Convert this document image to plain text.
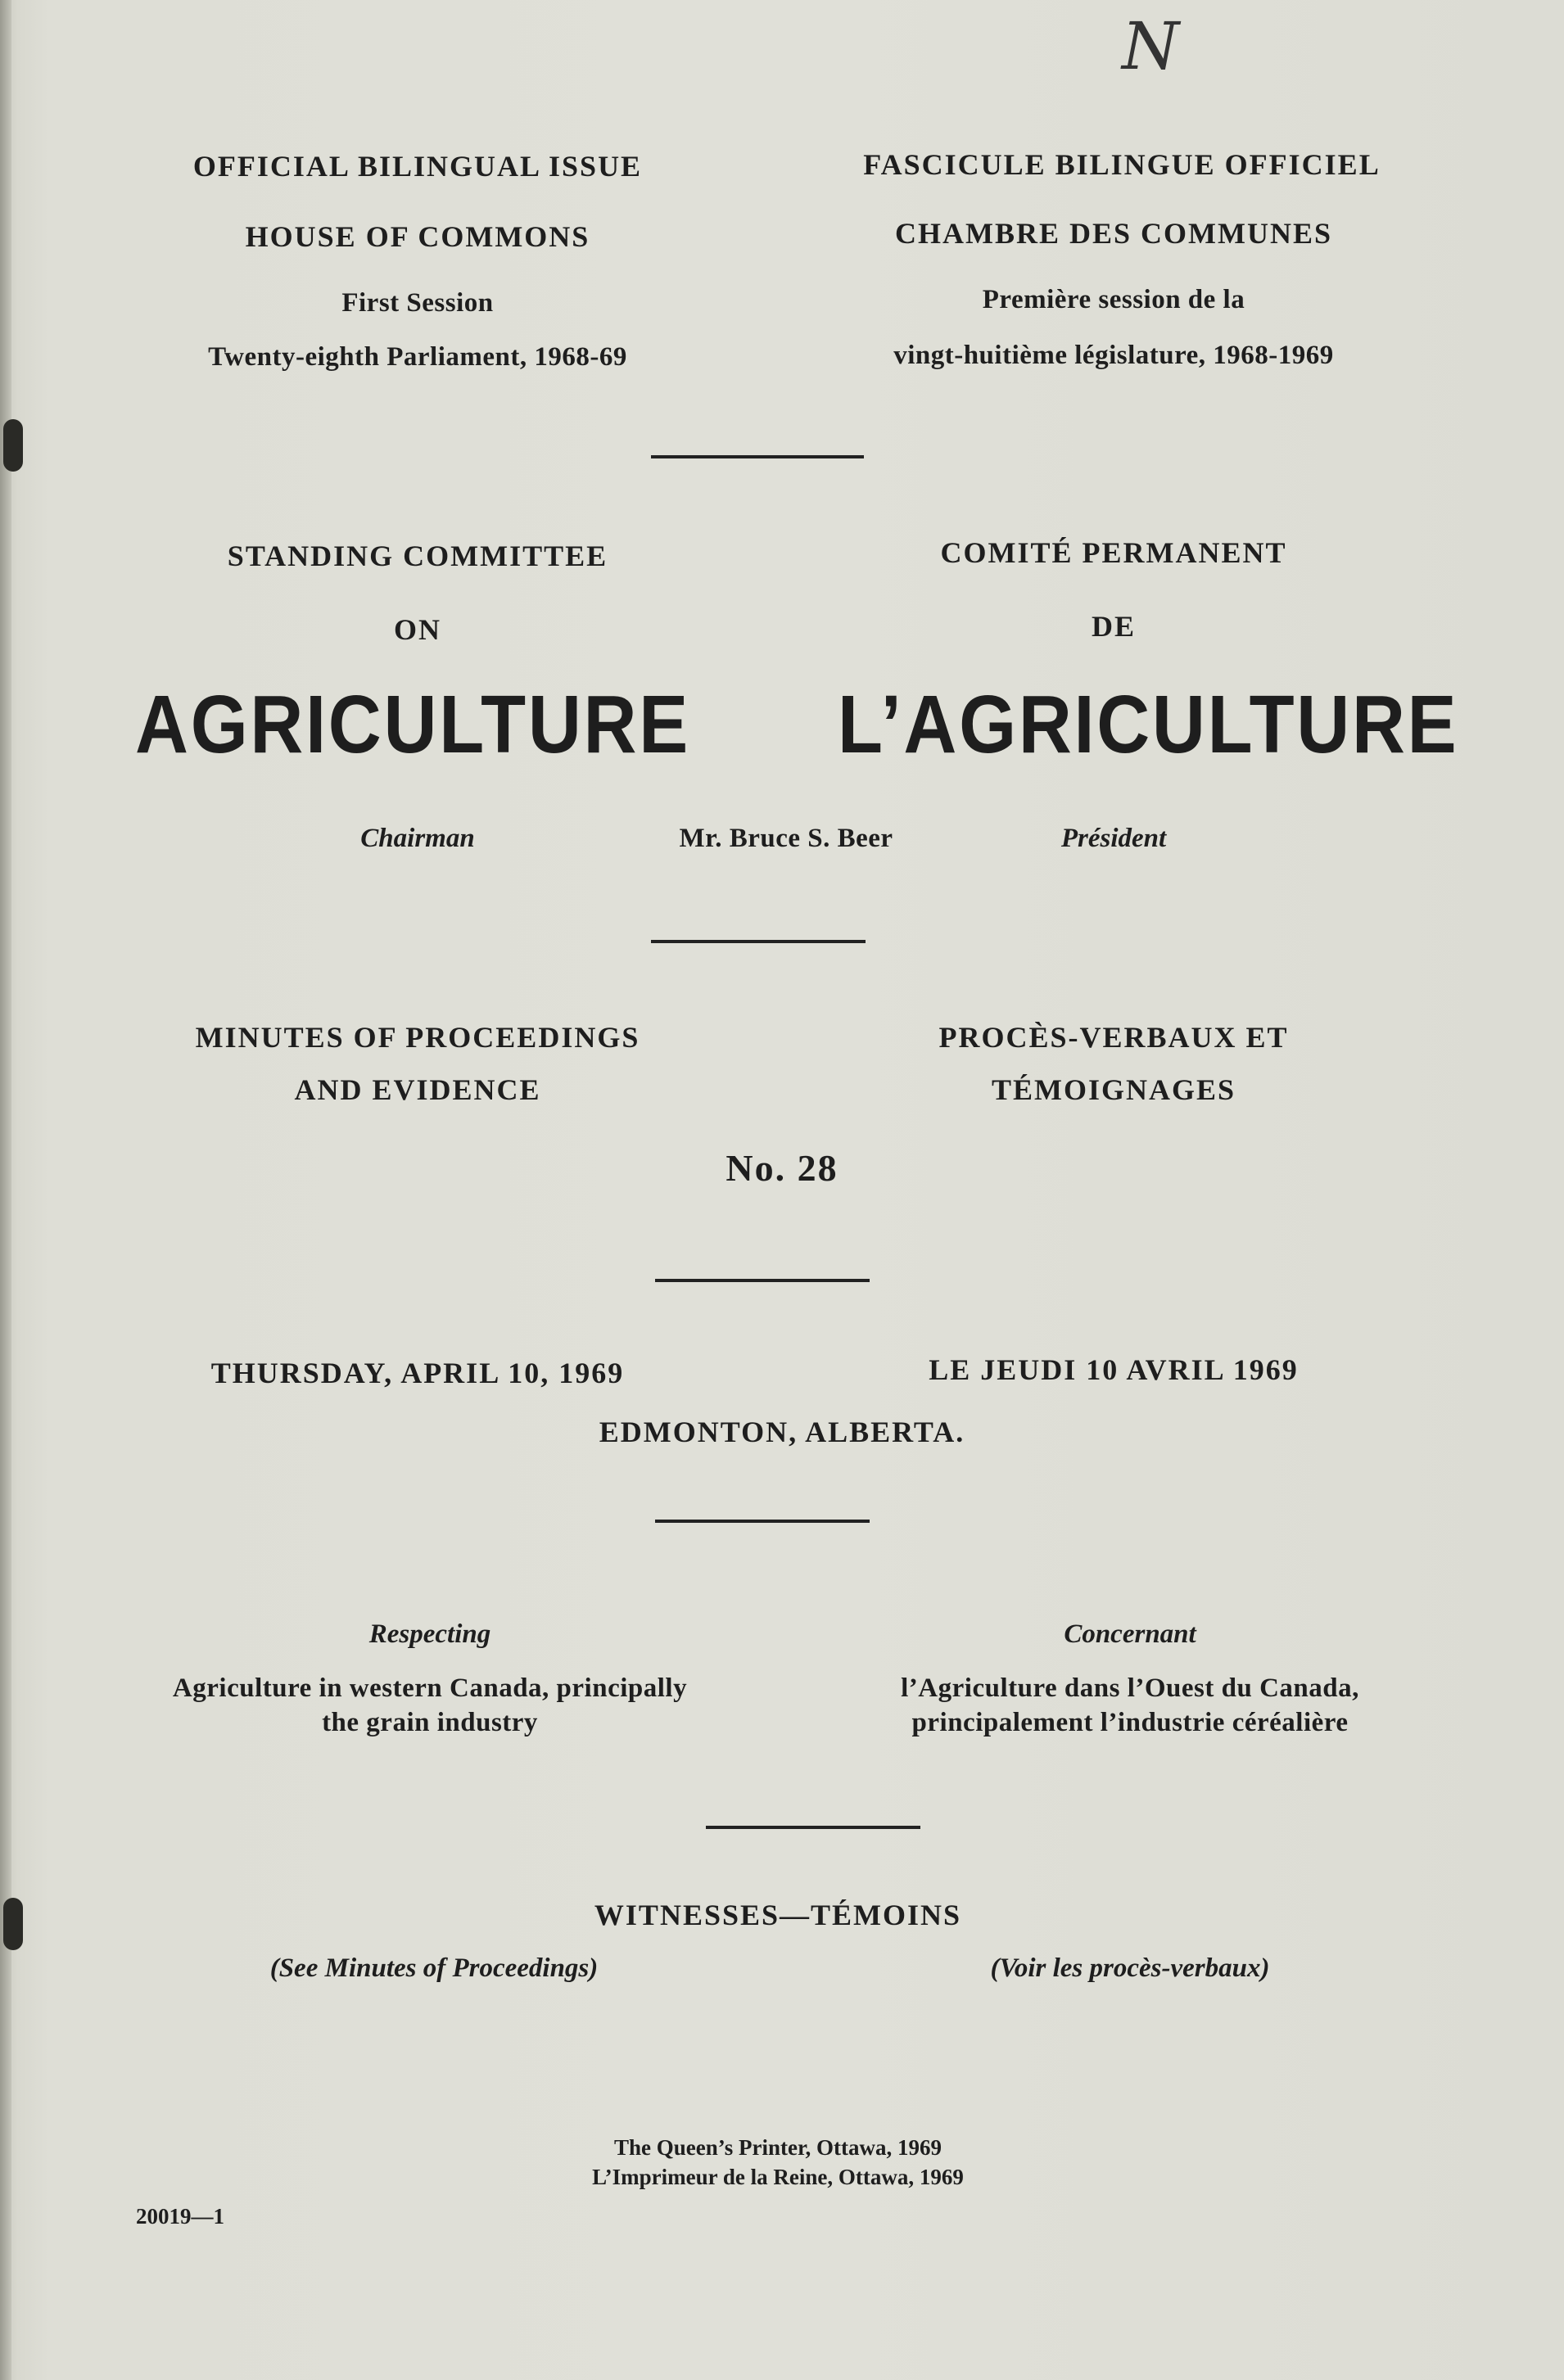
N
OFFICIAL BILINGUAL ISSUE
HOUSE OF COMMONS
First Session
Twenty-eighth Parliament, 1968-69
FASCICULE BILINGUE OFFICIEL
CHAMBRE DES COMMUNES
Première session de la
vingt-huitième législature, 1968-1969
STANDING COMMITTEE
ON
COMITÉ PERMANENT
DE
AGRICULTURE L’AGRICULTURE
Chairman	Mr. Bruce S. Beer	Président
MINUTES OF PROCEEDINGS
AND EVIDENCE
PROCÈS-VERBAUX ET
TÉMOIGNAGES
No. 28
THURSDAY, APRIL 10, 1969	LE JEUDI 10 AVRIL 1969
EDMONTON, ALBERTA.
Respecting
Agriculture in western Canada, principally
the grain industry
Concernant
l’Agriculture dans l’Ouest du Canada,
principalement l’industrie céréalière
WITNESSES—TÉMOINS
(See Minutes of Proceedings)	(Voir les procès-verbaux)
The Queen’s Printer, Ottawa, 1969
L’Imprimeur de la Reine, Ottawa, 1969
20019—1
